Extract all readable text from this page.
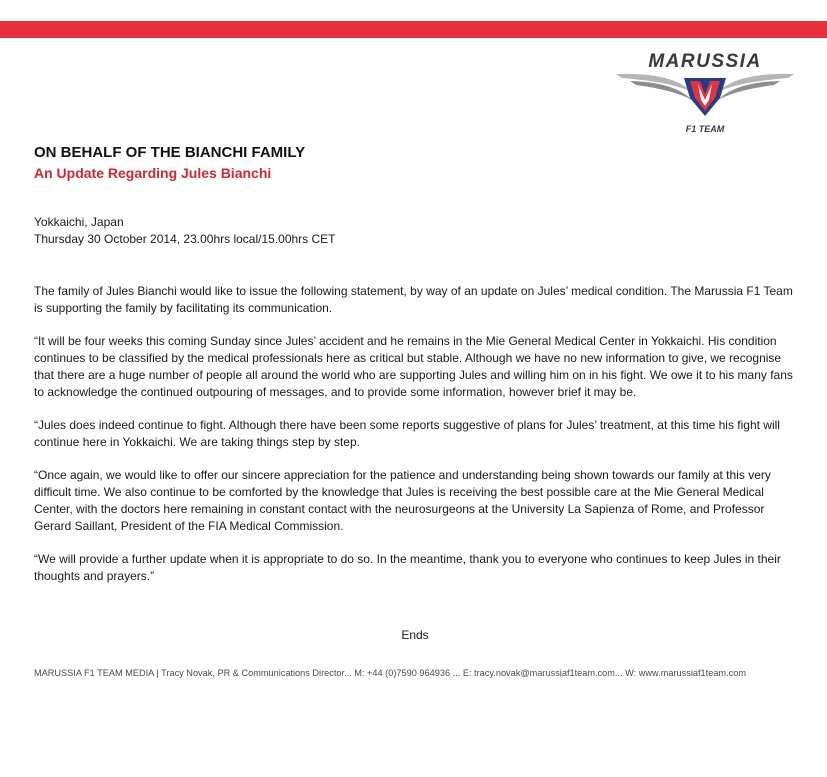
MARUSSIA
F1 TEAM
ON BEHALF OF THE BIANCHI FAMILY
An Update Regarding Jules Bianchi
Yokkaichi, Japan
Thursday 30 October 2014, 23.00hrs local/15.00hrs CET

The family of Jules Bianchi would like to issue the following statement, by way of an update on Jules’ medical condition. The Marussia F1 Team is supporting the family by facilitating its communication.

“It will be four weeks this coming Sunday since Jules’ accident and he remains in the Mie General Medical Center in Yokkaichi. His condition continues to be classified by the medical professionals here as critical but stable. Although we have no new information to give, we recognise that there are a huge number of people all around the world who are supporting Jules and willing him on in his fight. We owe it to his many fans to acknowledge the continued outpouring of messages, and to provide some information, however brief it may be.

“Jules does indeed continue to fight. Although there have been some reports suggestive of plans for Jules’ treatment, at this time his fight will continue here in Yokkaichi. We are taking things step by step.

“Once again, we would like to offer our sincere appreciation for the patience and understanding being shown towards our family at this very difficult time. We also continue to be comforted by the knowledge that Jules is receiving the best possible care at the Mie General Medical Center, with the doctors here remaining in constant contact with the neurosurgeons at the University La Sapienza of Rome, and Professor Gerard Saillant, President of the FIA Medical Commission.

“We will provide a further update when it is appropriate to do so. In the meantime, thank you to everyone who continues to keep Jules in their thoughts and prayers.”

Ends
MARUSSIA F1 TEAM MEDIA | Tracy Novak, PR & Communications Director... M: +44 (0)7590 964936 ... E: tracy.novak@marussiaf1team.com... W: www.marussiaf1team.com
